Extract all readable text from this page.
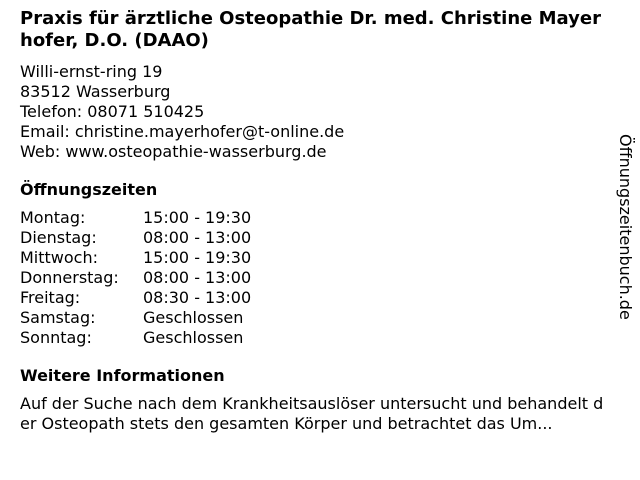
Praxis für ärztliche Osteopathie Dr. med. Christine Mayerhofer, D.O. (DAAO)
Willi-ernst-ring 19
83512 Wasserburg
Telefon: 08071 510425
Email: christine.mayerhofer@t-online.de
Web: www.osteopathie-wasserburg.de
Öffnungszeiten
Montag:	15:00 - 19:30
Dienstag:	08:00 - 13:00
Mittwoch:	15:00 - 19:30
Donnerstag: 08:00 - 13:00
Freitag:	08:30 - 13:00
Samstag:	Geschlossen
Sonntag:	Geschlossen
Weitere Informationen
Auf der Suche nach dem Krankheitsauslöser untersucht und behandelt der Osteopath stets den gesamten Körper und betrachtet das Um...
Öffnungszeitenbuch.de
